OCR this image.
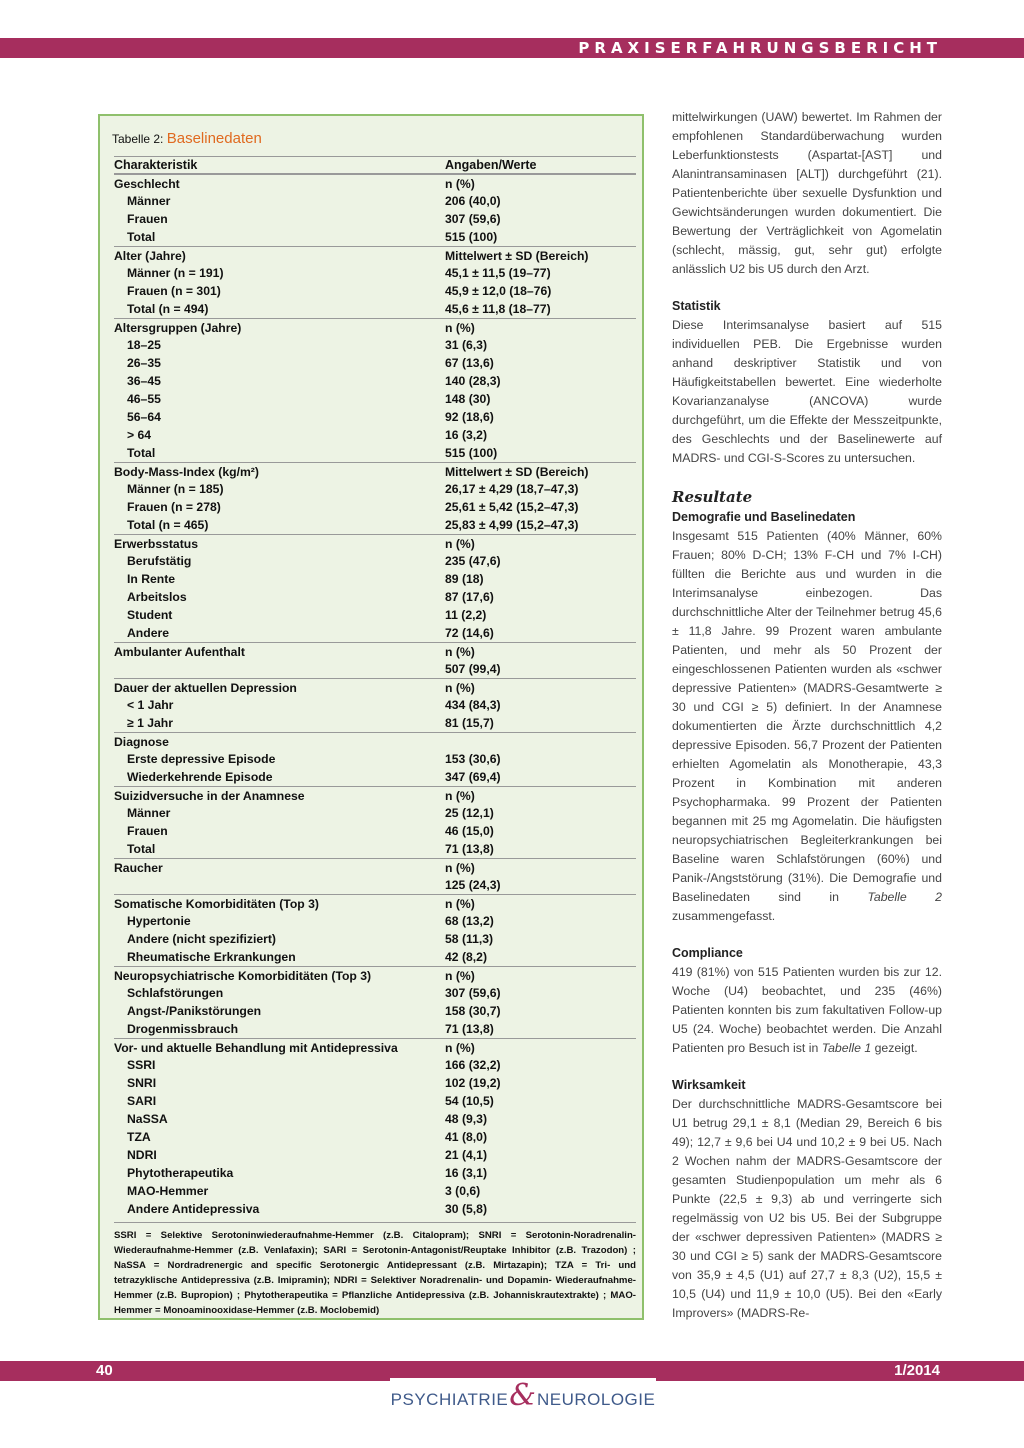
PRAXISERFAHRUNGSBERICHT
Tabelle 2: Baselinedaten
Charakteristik	Angaben/Werte
Geschlecht	n (%)
Männer	206 (40,0)
Frauen	307 (59,6)
Total	515 (100)
Alter (Jahre)	Mittelwert ± SD (Bereich)
Männer (n = 191)	45,1 ± 11,5 (19–77)
Frauen (n = 301)	45,9 ± 12,0 (18–76)
Total (n = 494)	45,6 ± 11,8 (18–77)
Altersgruppen (Jahre)	n (%)
18–25	31 (6,3)
26–35	67 (13,6)
36–45	140 (28,3)
46–55	148 (30)
56–64	92 (18,6)
> 64	16 (3,2)
Total	515 (100)
Body-Mass-Index (kg/m²)	Mittelwert ± SD (Bereich)
Männer (n = 185)	26,17 ± 4,29 (18,7–47,3)
Frauen (n = 278)	25,61 ± 5,42 (15,2–47,3)
Total (n = 465)	25,83 ± 4,99 (15,2–47,3)
Erwerbsstatus	n (%)
Berufstätig	235 (47,6)
In Rente	89 (18)
Arbeitslos	87 (17,6)
Student	11 (2,2)
Andere	72 (14,6)
Ambulanter Aufenthalt	n (%)
507 (99,4)
Dauer der aktuellen Depression	n (%)
< 1 Jahr	434 (84,3)
≥ 1 Jahr	81 (15,7)
Diagnose
Erste depressive Episode	153 (30,6)
Wiederkehrende Episode	347 (69,4)
Suizidversuche in der Anamnese	n (%)
Männer	25 (12,1)
Frauen	46 (15,0)
Total	71 (13,8)
Raucher	n (%)
125 (24,3)
Somatische Komorbiditäten (Top 3)	n (%)
Hypertonie	68 (13,2)
Andere (nicht spezifiziert)	58 (11,3)
Rheumatische Erkrankungen	42 (8,2)
Neuropsychiatrische Komorbiditäten (Top 3)	n (%)
Schlafstörungen	307 (59,6)
Angst-/Panikstörungen	158 (30,7)
Drogenmissbrauch	71 (13,8)
Vor- und aktuelle Behandlung mit Antidepressiva	n (%)
SSRI	166 (32,2)
SNRI	102 (19,2)
SARI	54 (10,5)
NaSSA	48 (9,3)
TZA	41 (8,0)
NDRI	21 (4,1)
Phytotherapeutika	16 (3,1)
MAO-Hemmer	3 (0,6)
Andere Antidepressiva	30 (5,8)
SSRI = Selektive Serotoninwiederaufnahme-Hemmer (z.B. Citalopram); SNRI = Serotonin-Noradrenalin-Wiederaufnahme-Hemmer (z.B. Venlafaxin); SARI = Serotonin-Antagonist/Reuptake Inhibitor (z.B. Trazodon) ; NaSSA = Nordradrenergic and specific Serotonergic Antidepressant (z.B. Mirtazapin); TZA = Tri- und tetrazyklische Antidepressiva (z.B. Imipramin); NDRI = Selektiver Noradrenalin- und Dopamin- Wiederaufnahme-Hemmer (z.B. Bupropion) ; Phytotherapeutika = Pflanzliche Antidepressiva (z.B. Johanniskrautextrakte) ; MAO-Hemmer = Monoaminooxidase-Hemmer (z.B. Moclobemid)

mittelwirkungen (UAW) bewertet. Im Rahmen der empfohlenen Standardüberwachung wurden Leberfunktionstests (Aspartat-[AST] und Alanintransaminasen [ALT]) durchgeführt (21). Patientenberichte über sexuelle Dysfunktion und Gewichtsänderungen wurden dokumentiert. Die Bewertung der Verträglichkeit von Agomelatin (schlecht, mässig, gut, sehr gut) erfolgte anlässlich U2 bis U5 durch den Arzt.

Statistik

Diese Interimsanalyse basiert auf 515 individuellen PEB. Die Ergebnisse wurden anhand deskriptiver Statistik und von Häufigkeitstabellen bewertet. Eine wiederholte Kovarianzanalyse (ANCOVA) wurde durchgeführt, um die Effekte der Messzeitpunkte, des Geschlechts und der Baselinewerte auf MADRS- und CGI-S-Scores zu untersuchen.

Resultate
Demografie und Baselinedaten

Insgesamt 515 Patienten (40% Männer, 60% Frauen; 80% D-CH; 13% F-CH und 7% I-CH) füllten die Berichte aus und wurden in die Interimsanalyse einbezogen. Das durchschnittliche Alter der Teilnehmer betrug 45,6 ± 11,8 Jahre. 99 Prozent waren ambulante Patienten, und mehr als 50 Prozent der eingeschlossenen Patienten wurden als «schwer depressive Patienten» (MADRS-Gesamtwerte ≥ 30 und CGI ≥ 5) definiert. In der Anamnese dokumentierten die Ärzte durchschnittlich 4,2 depressive Episoden. 56,7 Prozent der Patienten erhielten Agomelatin als Monotherapie, 43,3 Prozent in Kombination mit anderen Psychopharmaka. 99 Prozent der Patienten begannen mit 25 mg Agomelatin. Die häufigsten neuropsychiatrischen Begleiterkrankungen bei Baseline waren Schlafstörungen (60%) und Panik-/Angststörung (31%). Die Demografie und Baselinedaten sind in Tabelle 2 zusammengefasst.

Compliance

419 (81%) von 515 Patienten wurden bis zur 12. Woche (U4) beobachtet, und 235 (46%) Patienten konnten bis zum fakultativen Follow-up U5 (24. Woche) beobachtet werden. Die Anzahl Patienten pro Besuch ist in Tabelle 1 gezeigt.

Wirksamkeit

Der durchschnittliche MADRS-Gesamtscore bei U1 betrug 29,1 ± 8,1 (Median 29, Bereich 6 bis 49); 12,7 ± 9,6 bei U4 und 10,2 ± 9 bei U5. Nach 2 Wochen nahm der MADRS-Gesamtscore der gesamten Studienpopulation um mehr als 6 Punkte (22,5 ± 9,3) ab und verringerte sich regelmässig von U2 bis U5. Bei der Subgruppe der «schwer depressiven Patienten» (MADRS ≥ 30 und CGI ≥ 5) sank der MADRS-Gesamtscore von 35,9 ± 4,5 (U1) auf 27,7 ± 8,3 (U2), 15,5 ± 10,5 (U4) und 11,9 ± 10,0 (U5). Bei den «Early Improvers» (MADRS-Re-

40	1/2014
PSYCHIATRIE&NEUROLOGIE
